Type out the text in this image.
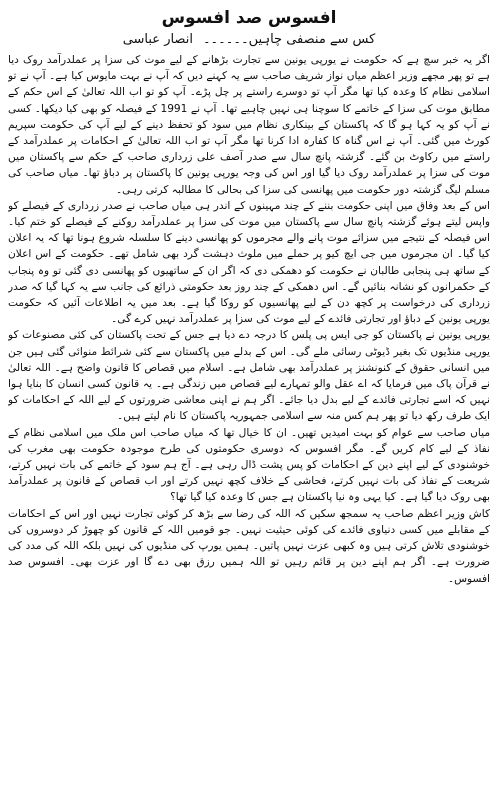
افسوس صد افسوس
کس سے منصفی چاہیں۔۔۔۔۔۔
انصار عباسی

اگر یہ خبر سچ ہے کہ حکومت نے یورپی یونین سے تجارت بڑھانے کے لیے موت کی سزا پر عملدرآمد روک دیا ہے تو پھر مجھے وزیر اعظم میاں نواز شریف صاحب سے یہ کہنے دیں کہ آپ نے بہت مایوس کیا ہے۔ آپ نے تو اسلامی نظام کا وعدہ کیا تھا مگر آپ تو دوسرے راستے پر چل پڑے۔ آپ کو تو اب اللہ تعالیٰ کے اس حکم کے مطابق موت کی سزا کے خاتمے کا سوچنا ہی نہیں چاہیے تھا۔ آپ نے 1991 کے فیصلہ کو بھی کیا دیکھا۔ کسی نے آپ کو یہ کہا ہو گا کہ پاکستان کے بینکاری نظام میں سود کو تحفظ دینے کے لیے آپ کی حکومت سپریم کورٹ میں گئی۔ آپ نے اس گناہ کا کفارہ ادا کرنا تھا مگر آپ تو اب اللہ تعالیٰ کے احکامات پر عملدرآمد کے راستے میں رکاوٹ بن گئے۔ گزشتہ پانچ سال سے صدر آصف علی زرداری صاحب کے حکم سے پاکستان میں موت کی سزا پر عملدرآمد روک دیا گیا اور اس کی وجہ یورپی یونین کا پاکستان پر دباؤ تھا۔ میاں صاحب کی مسلم لیگ گزشتہ دور حکومت میں پھانسی کی سزا کی بحالی کا مطالبہ کرتی رہی۔

اس کے بعد وفاق میں اپنی حکومت بننے کے چند مہینوں کے اندر ہی میاں صاحب نے صدر زرداری کے فیصلے کو واپس لیتے ہوئے گزشتہ پانچ سال سے پاکستان میں موت کی سزا پر عملدرآمد روکنے کے فیصلے کو ختم کیا۔ اس فیصلہ کے نتیجے میں سزائے موت پانے والے مجرموں کو پھانسی دینے کا سلسلہ شروع ہونا تھا کہ یہ اعلان کیا گیا۔ ان مجرموں میں جی ایچ کیو پر حملے میں ملوث دہشت گرد بھی شامل تھے۔ حکومت کے اس اعلان کے ساتھ ہی پنجابی طالبان نے حکومت کو دھمکی دی کہ اگر ان کے ساتھیوں کو پھانسی دی گئی تو وہ پنجاب کے حکمرانوں کو نشانہ بنائیں گے۔ اس دھمکی کے چند روز بعد حکومتی ذرائع کی جانب سے یہ کہا گیا کہ صدر زرداری کی درخواست پر کچھ دن کے لیے پھانسیوں کو روکا گیا ہے۔ بعد میں یہ اطلاعات آئیں کہ حکومت یورپی یونین کے دباؤ اور تجارتی فائدے کے لیے موت کی سزا پر عملدرآمد نہیں کرے گی۔

یورپی یونین نے پاکستان کو جی ایس پی پلس کا درجہ دے دیا ہے جس کے تحت پاکستان کی کئی مصنوعات کو یورپی منڈیوں تک بغیر ڈیوٹی رسائی ملے گی۔ اس کے بدلے میں پاکستان سے کئی شرائط منوائی گئی ہیں جن میں انسانی حقوق کے کنونشنز پر عملدرآمد بھی شامل ہے۔ اسلام میں قصاص کا قانون واضح ہے۔ اللہ تعالیٰ نے قرآن پاک میں فرمایا کہ اے عقل والو تمہارے لیے قصاص میں زندگی ہے۔ یہ قانون کسی انسان کا بنایا ہوا نہیں کہ اسے تجارتی فائدے کے لیے بدل دیا جائے۔ اگر ہم نے اپنی معاشی ضرورتوں کے لیے اللہ کے احکامات کو ایک طرف رکھ دیا تو پھر ہم کس منہ سے اسلامی جمہوریہ پاکستان کا نام لیتے ہیں۔

میاں صاحب سے عوام کو بہت امیدیں تھیں۔ ان کا خیال تھا کہ میاں صاحب اس ملک میں اسلامی نظام کے نفاذ کے لیے کام کریں گے۔ مگر افسوس کہ دوسری حکومتوں کی طرح موجودہ حکومت بھی مغرب کی خوشنودی کے لیے اپنے دین کے احکامات کو پس پشت ڈال رہی ہے۔ آج ہم سود کے خاتمے کی بات نہیں کرتے، شریعت کے نفاذ کی بات نہیں کرتے، فحاشی کے خلاف کچھ نہیں کرتے اور اب قصاص کے قانون پر عملدرآمد بھی روک دیا گیا ہے۔ کیا یہی وہ نیا پاکستان ہے جس کا وعدہ کیا گیا تھا؟

کاش وزیر اعظم صاحب یہ سمجھ سکیں کہ اللہ کی رضا سے بڑھ کر کوئی تجارت نہیں اور اس کے احکامات کے مقابلے میں کسی دنیاوی فائدے کی کوئی حیثیت نہیں۔ جو قومیں اللہ کے قانون کو چھوڑ کر دوسروں کی خوشنودی تلاش کرتی ہیں وہ کبھی عزت نہیں پاتیں۔ ہمیں یورپ کی منڈیوں کی نہیں بلکہ اللہ کی مدد کی ضرورت ہے۔ اگر ہم اپنے دین پر قائم رہیں تو اللہ ہمیں رزق بھی دے گا اور عزت بھی۔ افسوس صد افسوس۔
